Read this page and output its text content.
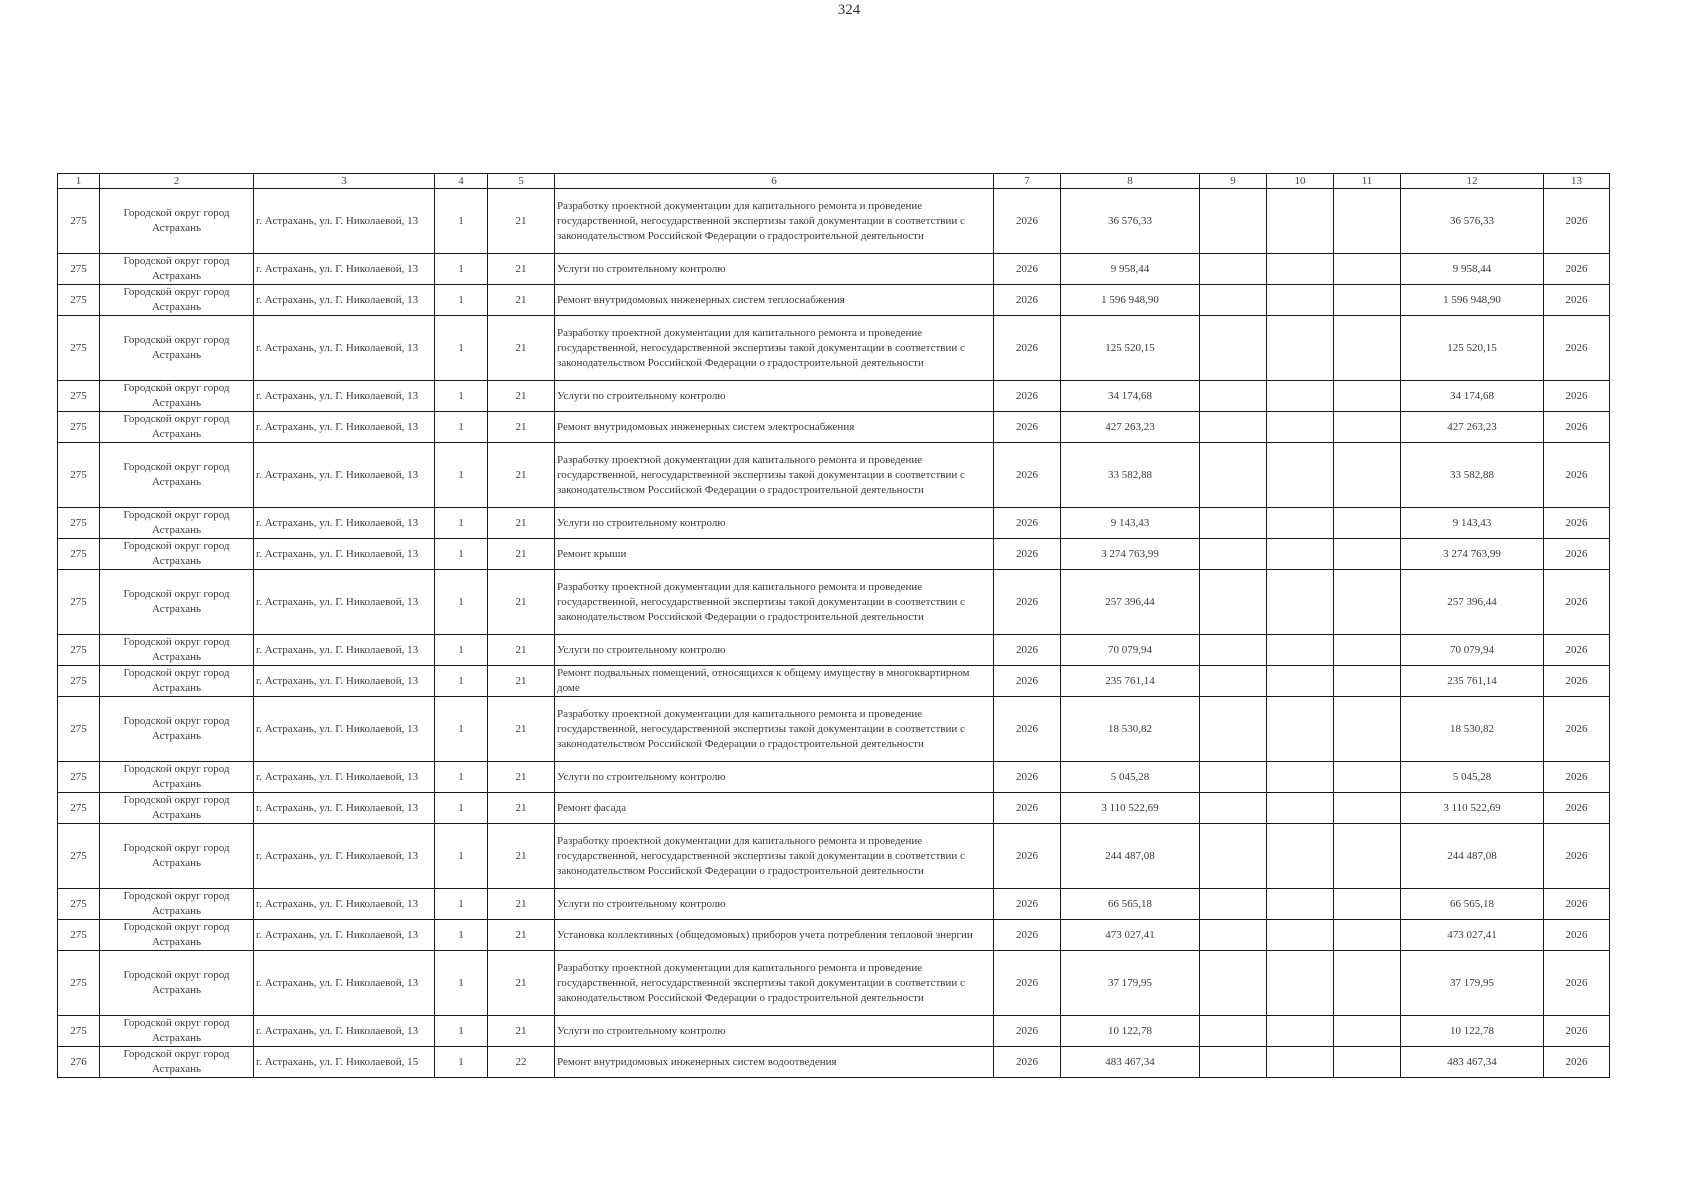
324
1	2	3	4	5	6	7	8	9	10	11	12	13
275	Городской округ город Астрахань	г. Астрахань, ул. Г. Николаевой, 13	1	21	Разработку проектной документации для капитального ремонта и проведение государственной, негосударственной экспертизы такой документации в соответствии с законодательством Российской Федерации о градостроительной деятельности	2026	36 576,33				36 576,33	2026
275	Городской округ город Астрахань	г. Астрахань, ул. Г. Николаевой, 13	1	21	Услуги по строительному контролю	2026	9 958,44				9 958,44	2026
275	Городской округ город Астрахань	г. Астрахань, ул. Г. Николаевой, 13	1	21	Ремонт внутридомовых инженерных систем теплоснабжения	2026	1 596 948,90				1 596 948,90	2026
275	Городской округ город Астрахань	г. Астрахань, ул. Г. Николаевой, 13	1	21	Разработку проектной документации для капитального ремонта и проведение государственной, негосударственной экспертизы такой документации в соответствии с законодательством Российской Федерации о градостроительной деятельности	2026	125 520,15				125 520,15	2026
275	Городской округ город Астрахань	г. Астрахань, ул. Г. Николаевой, 13	1	21	Услуги по строительному контролю	2026	34 174,68				34 174,68	2026
275	Городской округ город Астрахань	г. Астрахань, ул. Г. Николаевой, 13	1	21	Ремонт внутридомовых инженерных систем электроснабжения	2026	427 263,23				427 263,23	2026
275	Городской округ город Астрахань	г. Астрахань, ул. Г. Николаевой, 13	1	21	Разработку проектной документации для капитального ремонта и проведение государственной, негосударственной экспертизы такой документации в соответствии с законодательством Российской Федерации о градостроительной деятельности	2026	33 582,88				33 582,88	2026
275	Городской округ город Астрахань	г. Астрахань, ул. Г. Николаевой, 13	1	21	Услуги по строительному контролю	2026	9 143,43				9 143,43	2026
275	Городской округ город Астрахань	г. Астрахань, ул. Г. Николаевой, 13	1	21	Ремонт крыши	2026	3 274 763,99				3 274 763,99	2026
275	Городской округ город Астрахань	г. Астрахань, ул. Г. Николаевой, 13	1	21	Разработку проектной документации для капитального ремонта и проведение государственной, негосударственной экспертизы такой документации в соответствии с законодательством Российской Федерации о градостроительной деятельности	2026	257 396,44				257 396,44	2026
275	Городской округ город Астрахань	г. Астрахань, ул. Г. Николаевой, 13	1	21	Услуги по строительному контролю	2026	70 079,94				70 079,94	2026
275	Городской округ город Астрахань	г. Астрахань, ул. Г. Николаевой, 13	1	21	Ремонт подвальных помещений, относящихся к общему имуществу в многоквартирном доме	2026	235 761,14				235 761,14	2026
275	Городской округ город Астрахань	г. Астрахань, ул. Г. Николаевой, 13	1	21	Разработку проектной документации для капитального ремонта и проведение государственной, негосударственной экспертизы такой документации в соответствии с законодательством Российской Федерации о градостроительной деятельности	2026	18 530,82				18 530,82	2026
275	Городской округ город Астрахань	г. Астрахань, ул. Г. Николаевой, 13	1	21	Услуги по строительному контролю	2026	5 045,28				5 045,28	2026
275	Городской округ город Астрахань	г. Астрахань, ул. Г. Николаевой, 13	1	21	Ремонт фасада	2026	3 110 522,69				3 110 522,69	2026
275	Городской округ город Астрахань	г. Астрахань, ул. Г. Николаевой, 13	1	21	Разработку проектной документации для капитального ремонта и проведение государственной, негосударственной экспертизы такой документации в соответствии с законодательством Российской Федерации о градостроительной деятельности	2026	244 487,08				244 487,08	2026
275	Городской округ город Астрахань	г. Астрахань, ул. Г. Николаевой, 13	1	21	Услуги по строительному контролю	2026	66 565,18				66 565,18	2026
275	Городской округ город Астрахань	г. Астрахань, ул. Г. Николаевой, 13	1	21	Установка коллективных (общедомовых) приборов учета потребления тепловой энергии	2026	473 027,41				473 027,41	2026
275	Городской округ город Астрахань	г. Астрахань, ул. Г. Николаевой, 13	1	21	Разработку проектной документации для капитального ремонта и проведение государственной, негосударственной экспертизы такой документации в соответствии с законодательством Российской Федерации о градостроительной деятельности	2026	37 179,95				37 179,95	2026
275	Городской округ город Астрахань	г. Астрахань, ул. Г. Николаевой, 13	1	21	Услуги по строительному контролю	2026	10 122,78				10 122,78	2026
276	Городской округ город Астрахань	г. Астрахань, ул. Г. Николаевой, 15	1	22	Ремонт внутридомовых инженерных систем водоотведения	2026	483 467,34				483 467,34	2026
